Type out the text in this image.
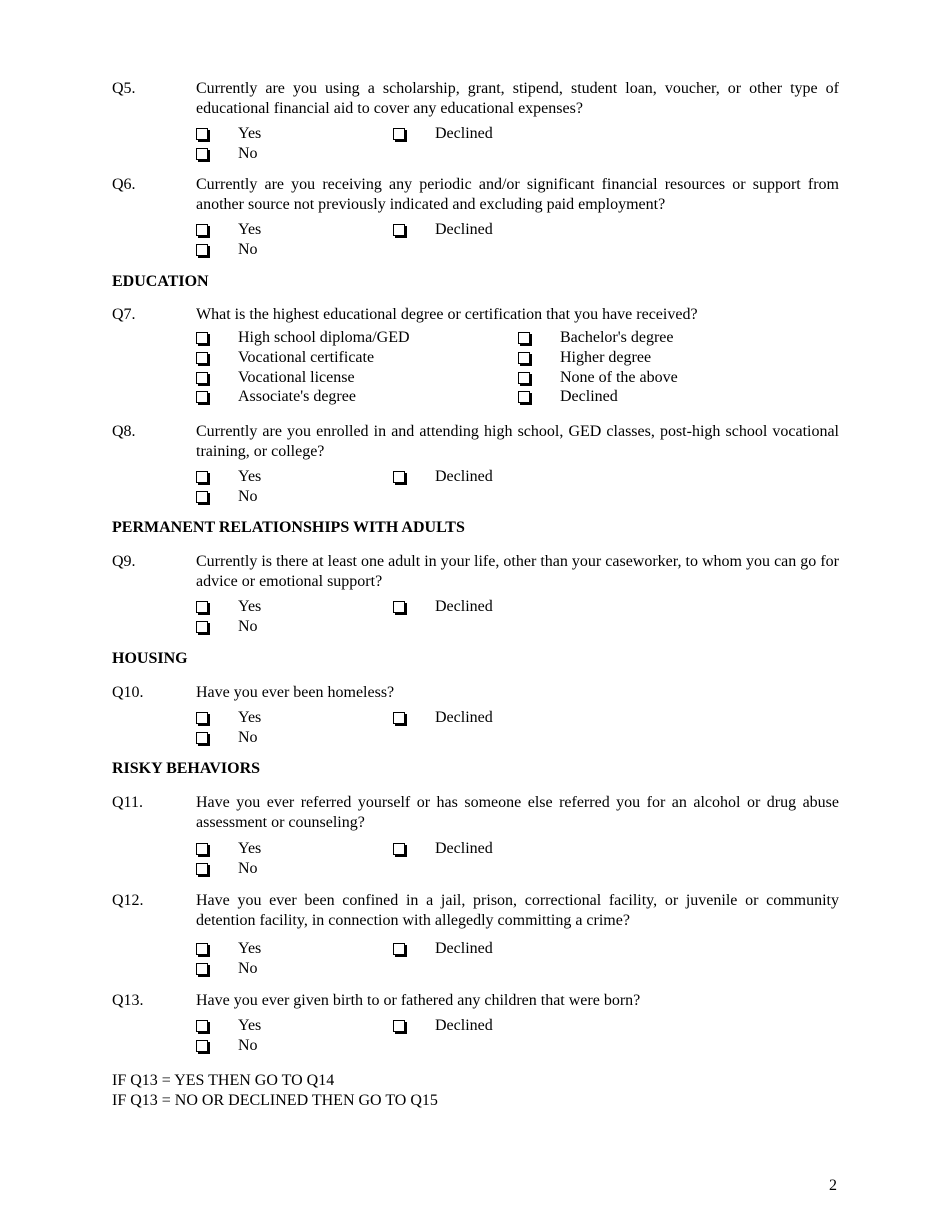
Q5.	Currently are you using a scholarship, grant, stipend, student loan, voucher, or other type of educational financial aid to cover any educational expenses?
Yes	Declined
No
Q6.	Currently are you receiving any periodic and/or significant financial resources or support from another source not previously indicated and excluding paid employment?
Yes	Declined
No
EDUCATION
Q7.	What is the highest educational degree or certification that you have received?
High school diploma/GED
Vocational certificate
Vocational license
Associate's degree
Bachelor's degree
Higher degree
None of the above
Declined
Q8.	Currently are you enrolled in and attending high school, GED classes, post-high school vocational training, or college?
Yes	Declined
No
PERMANENT RELATIONSHIPS WITH ADULTS
Q9.	Currently is there at least one adult in your life, other than your caseworker, to whom you can go for advice or emotional support?
Yes	Declined
No
HOUSING
Q10.	Have you ever been homeless?
Yes	Declined
No
RISKY BEHAVIORS
Q11.	Have you ever referred yourself or has someone else referred you for an alcohol or drug abuse assessment or counseling?
Yes	Declined
No
Q12.	Have you ever been confined in a jail, prison, correctional facility, or juvenile or community detention facility, in connection with allegedly committing a crime?
Yes	Declined
No
Q13.	Have you ever given birth to or fathered any children that were born?
Yes	Declined
No
IF Q13 = YES THEN GO TO Q14
IF Q13 = NO OR DECLINED THEN GO TO Q15
2
